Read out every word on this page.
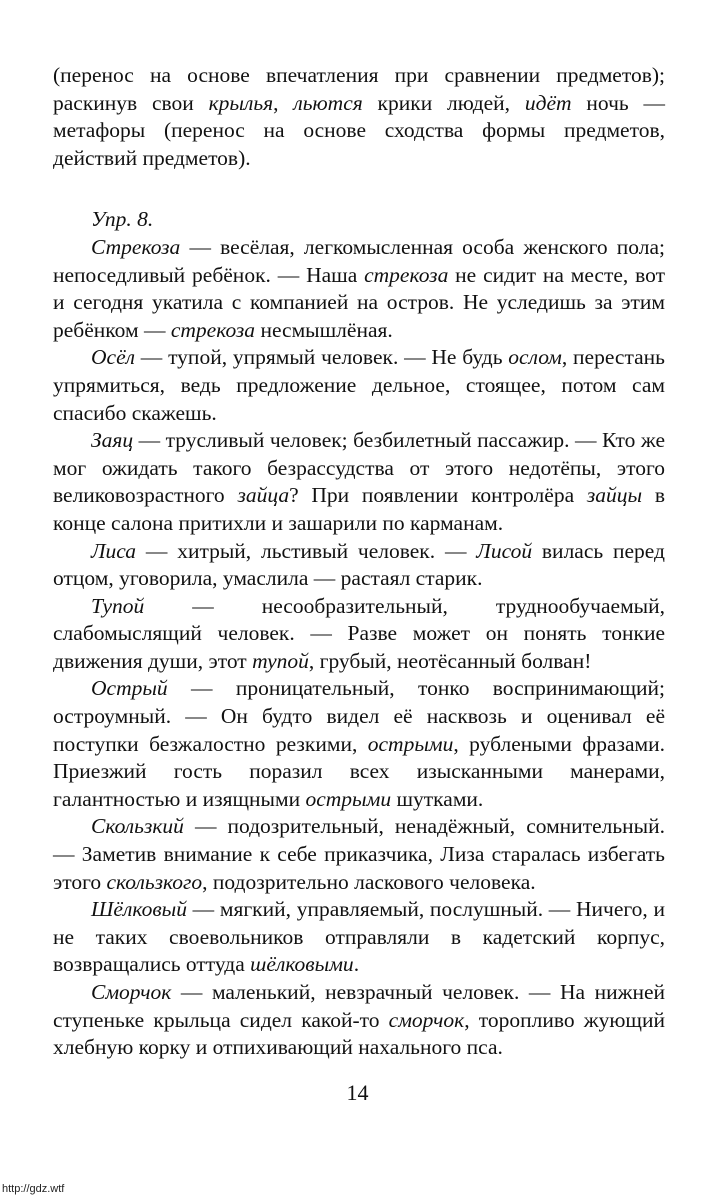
(перенос на основе впечатления при сравнении предметов); раскинув свои крылья, льются крики людей, идёт ночь — метафоры (перенос на основе сходства формы предметов, действий предметов).

Упр. 8.

Стрекоза — весёлая, легкомысленная особа женского пола; непоседливый ребёнок. — Наша стрекоза не сидит на месте, вот и сегодня укатила с компанией на остров. Не уследишь за этим ребёнком — стрекоза несмышлёная.

Осёл — тупой, упрямый человек. — Не будь ослом, перестань упрямиться, ведь предложение дельное, стоящее, потом сам спасибо скажешь.

Заяц — трусливый человек; безбилетный пассажир. — Кто же мог ожидать такого безрассудства от этого недотёпы, этого великовозрастного зайца? При появлении контролёра зайцы в конце салона притихли и зашарили по карманам.

Лиса — хитрый, льстивый человек. — Лисой вилась перед отцом, уговорила, умаслила — растаял старик.

Тупой — несообразительный, труднообучаемый, слабомыслящий человек. — Разве может он понять тонкие движения души, этот тупой, грубый, неотёсанный болван!

Острый — проницательный, тонко воспринимающий; остроумный. — Он будто видел её насквозь и оценивал её поступки безжалостно резкими, острыми, рублеными фразами. Приезжий гость поразил всех изысканными манерами, галантностью и изящными острыми шутками.

Скользкий — подозрительный, ненадёжный, сомнительный. — Заметив внимание к себе приказчика, Лиза старалась избегать этого скользкого, подозрительно ласкового человека.

Шёлковый — мягкий, управляемый, послушный. — Ничего, и не таких своевольников отправляли в кадетский корпус, возвращались оттуда шёлковыми.

Сморчок — маленький, невзрачный человек. — На нижней ступеньке крыльца сидел какой-то сморчок, торопливо жующий хлебную корку и отпихивающий нахального пса.

14
http://gdz.wtf
